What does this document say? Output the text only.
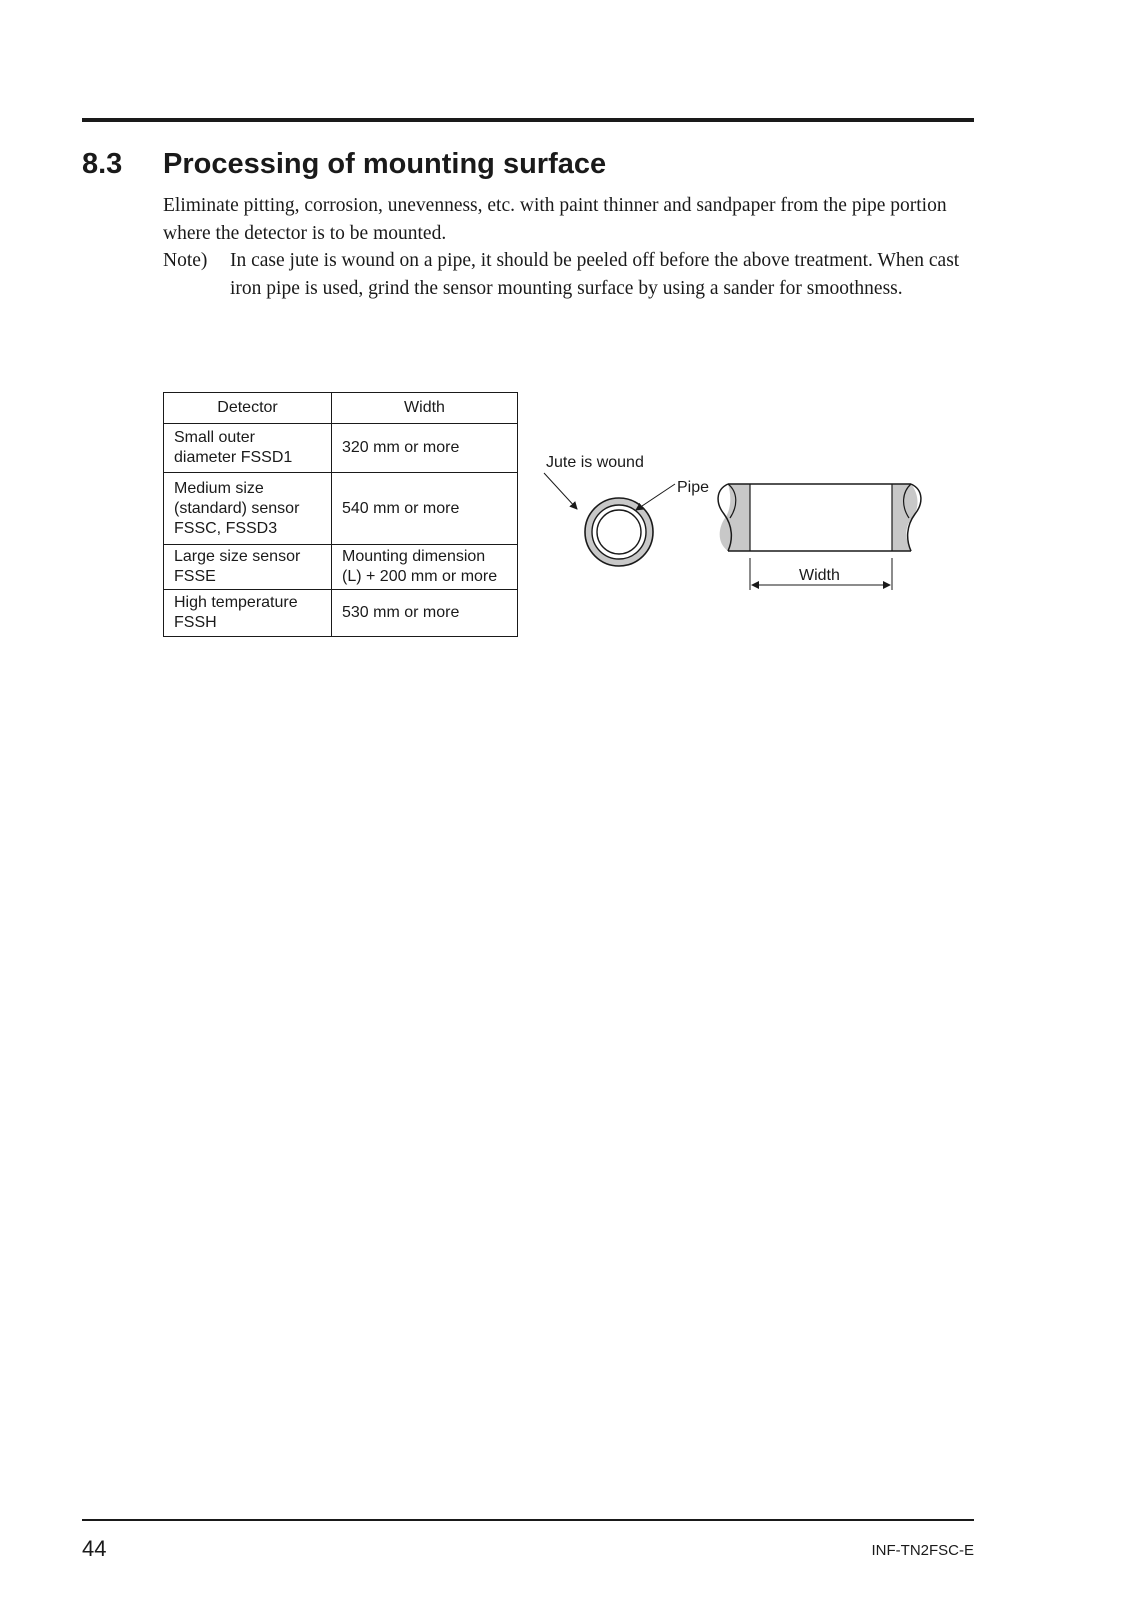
8.3 Processing of mounting surface

Eliminate pitting, corrosion, unevenness, etc. with paint thinner and sandpaper from the pipe portion where the detector is to be mounted.

Note) In case jute is wound on a pipe, it should be peeled off before the above treatment. When cast iron pipe is used, grind the sensor mounting surface by using a sander for smoothness.
Detector	Width

Small outer
diameter FSSD1	320 mm or more

Medium size
(standard) sensor
FSSC, FSSD3	540 mm or more

Large size sensor
FSSE	Mounting dimension
(L) + 200 mm or more

High temperature
FSSH	530 mm or more
Jute is wound
Pipe
Width
44	INF-TN2FSC-E
